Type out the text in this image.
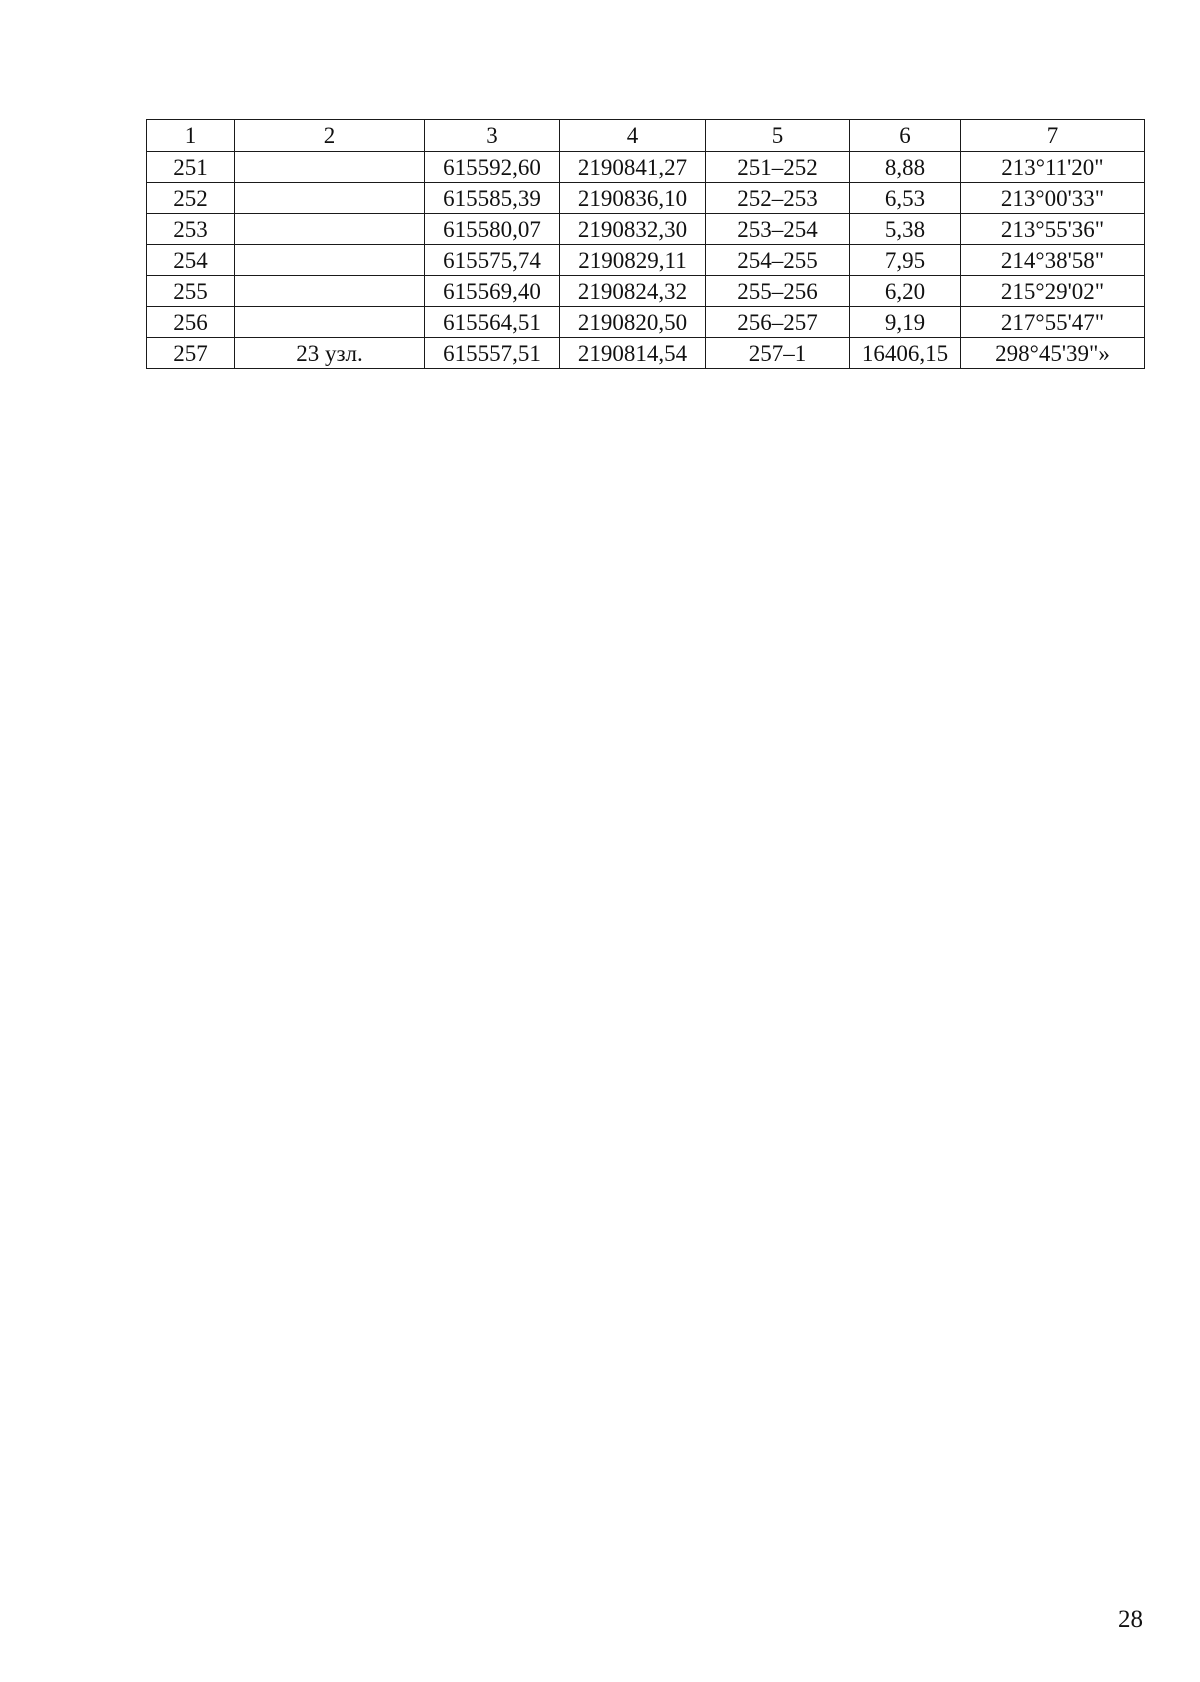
1	2	3	4	5	6	7
251		615592,60	2190841,27	251–252	8,88	213°11'20"
252		615585,39	2190836,10	252–253	6,53	213°00'33"
253		615580,07	2190832,30	253–254	5,38	213°55'36"
254		615575,74	2190829,11	254–255	7,95	214°38'58"
255		615569,40	2190824,32	255–256	6,20	215°29'02"
256		615564,51	2190820,50	256–257	9,19	217°55'47"
257	23 узл.	615557,51	2190814,54	257–1	16406,15	298°45'39"»
28
